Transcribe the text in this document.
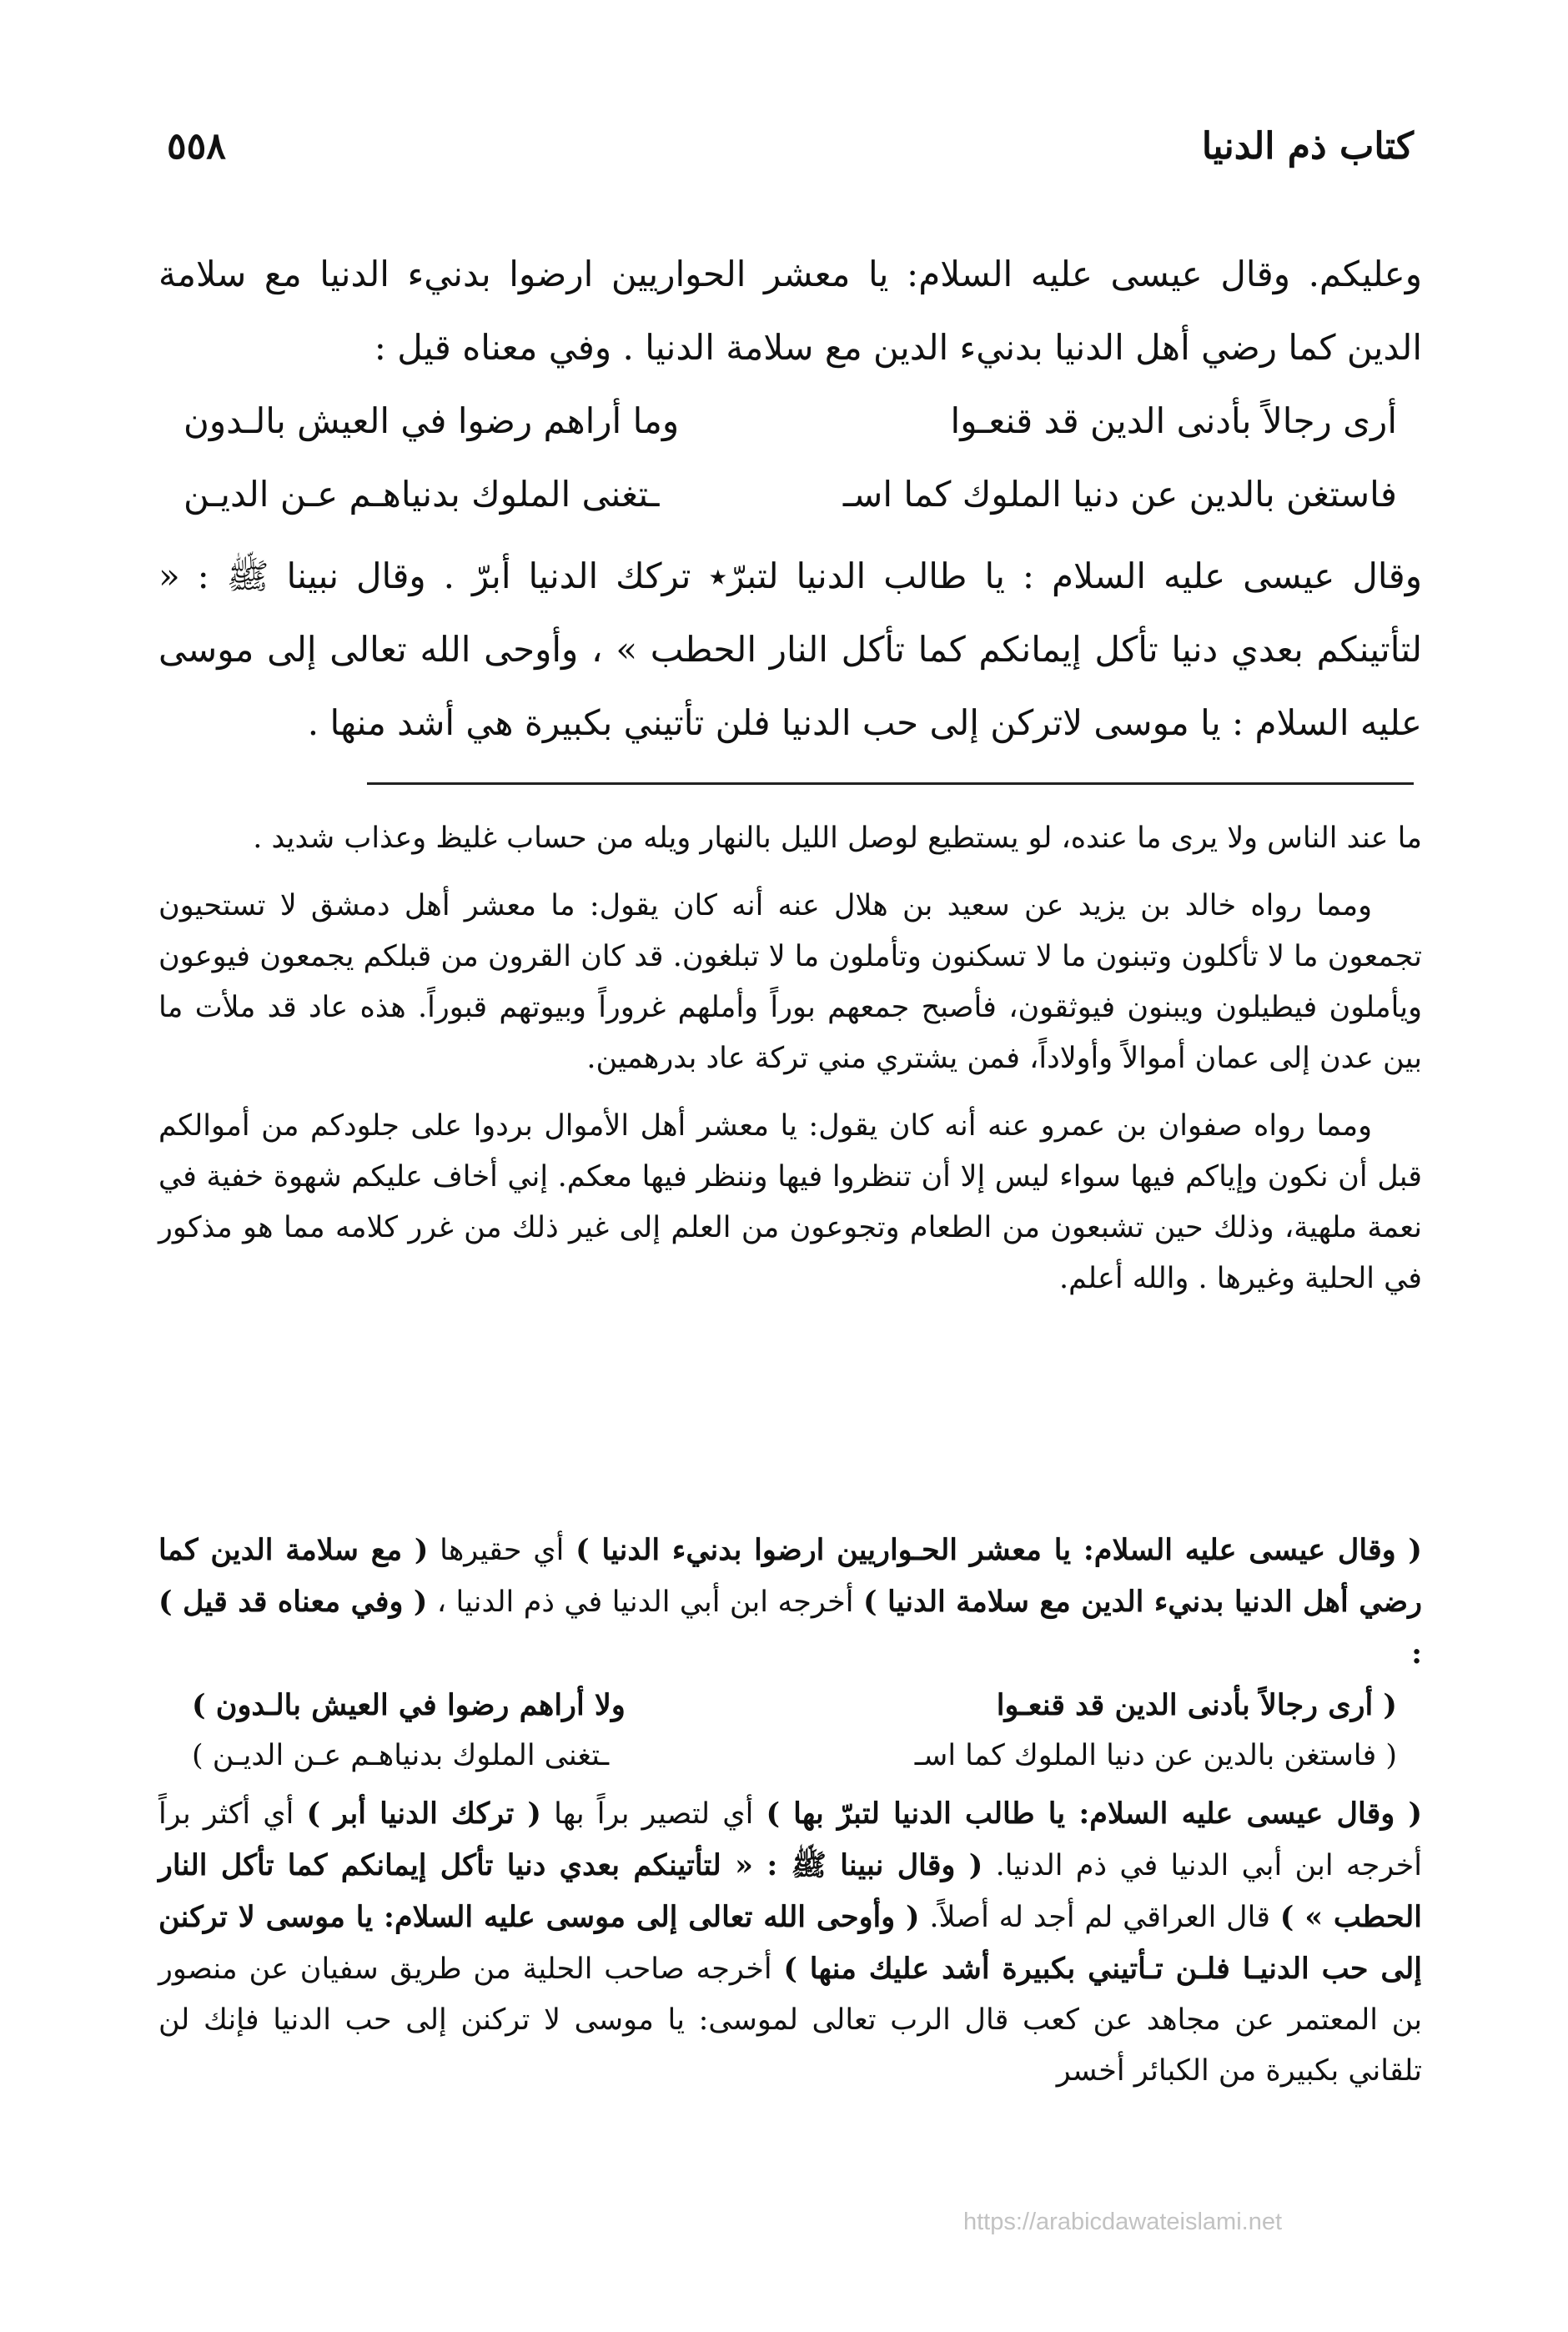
كتاب ذم الدنيا
٥٥٨

وعليكم. وقال عيسى عليه السلام: يا معشر الحواريين ارضوا بدنيء الدنيا مع سلامة الدين كما رضي أهل الدنيا بدنيء الدين مع سلامة الدنيا . وفي معناه قيل :

أرى رجالاً بأدنى الدين قد قنعـوا
وما أراهم رضوا في العيش بالـدون
فاستغن بالدين عن دنيا الملوك كما اسـ
ـتغنى الملوك بدنياهـم عـن الديـن

وقال عيسى عليه السلام : يا طالب الدنيا لتبرّ٭ تركك الدنيا أبرّ . وقال نبينا ﷺ : « لتأتينكم بعدي دنيا تأكل إيمانكم كما تأكل النار الحطب » ، وأوحى الله تعالى إلى موسى عليه السلام : يا موسى لاتركن إلى حب الدنيا فلن تأتيني بكبيرة هي أشد منها .

ما عند الناس ولا يرى ما عنده، لو يستطيع لوصل الليل بالنهار ويله من حساب غليظ وعذاب شديد .

ومما رواه خالد بن يزيد عن سعيد بن هلال عنه أنه كان يقول: ما معشر أهل دمشق لا تستحيون تجمعون ما لا تأكلون وتبنون ما لا تسكنون وتأملون ما لا تبلغون. قد كان القرون من قبلكم يجمعون فيوعون ويأملون فيطيلون ويبنون فيوثقون، فأصبح جمعهم بوراً وأملهم غروراً وبيوتهم قبوراً. هذه عاد قد ملأت ما بين عدن إلى عمان أموالاً وأولاداً، فمن يشتري مني تركة عاد بدرهمين.

ومما رواه صفوان بن عمرو عنه أنه كان يقول: يا معشر أهل الأموال بردوا على جلودكم من أموالكم قبل أن نكون وإياكم فيها سواء ليس إلا أن تنظروا فيها وننظر فيها معكم. إني أخاف عليكم شهوة خفية في نعمة ملهية، وذلك حين تشبعون من الطعام وتجوعون من العلم إلى غير ذلك من غرر كلامه مما هو مذكور في الحلية وغيرها . والله أعلم.

( وقال عيسى عليه السلام: يا معشر الحـواريين ارضوا بدنيء الدنيا ) أي حقيرها ( مع سلامة الدين كما رضي أهل الدنيا بدنيء الدين مع سلامة الدنيا ) أخرجه ابن أبي الدنيا في ذم الدنيا ، ( وفي معناه قد قيل ) :

( أرى رجالاً بأدنى الدين قد قنعـوا
ولا أراهم رضوا في العيش بالـدون )
( فاستغن بالدين عن دنيا الملوك كما اسـ
ـتغنى الملوك بدنياهـم عـن الديـن )

( وقال عيسى عليه السلام: يا طالب الدنيا لتبرّ بها ) أي لتصير براً بها ( تركك الدنيا أبر ) أي أكثر براً أخرجه ابن أبي الدنيا في ذم الدنيا. ( وقال نبينا ﷺ : « لتأتينكم بعدي دنيا تأكل إيمانكم كما تأكل النار الحطب » ) قال العراقي لم أجد له أصلاً. ( وأوحى الله تعالى إلى موسى عليه السلام: يا موسى لا تركنن إلى حب الدنيـا فلـن تـأتيني بكبيرة أشد عليك منها ) أخرجه صاحب الحلية من طريق سفيان عن منصور بن المعتمر عن مجاهد عن كعب قال الرب تعالى لموسى: يا موسى لا تركنن إلى حب الدنيا فإنك لن تلقاني بكبيرة من الكبائر أخسر

https://arabicdawateislami.net
